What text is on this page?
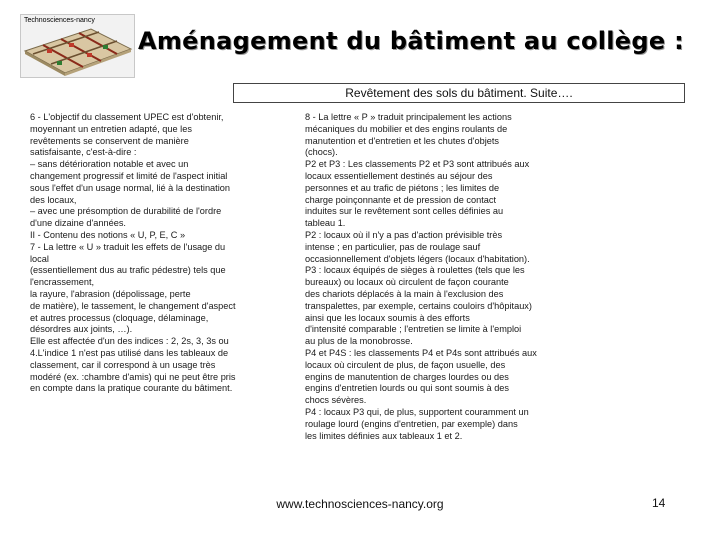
Technosciences-nancy
Aménagement du bâtiment au collège :
Revêtement des sols du bâtiment. Suite….
6 - L'objectif du classement UPEC est d'obtenir,
moyennant un entretien adapté, que les
revêtements se conservent de manière
satisfaisante, c'est-à-dire :
– sans détérioration notable et avec un
changement progressif et limité de l'aspect initial
sous l'effet d'un usage normal, lié à la destination
des locaux,
– avec une présomption de durabilité de l'ordre
d'une dizaine d'années.
II - Contenu des notions « U, P, E, C »
7 - La lettre « U » traduit les effets de l'usage du
local
(essentiellement dus au trafic pédestre) tels que
l'encrassement,
la rayure, l'abrasion (dépolissage, perte
de matière), le tassement, le changement d'aspect
et autres processus (cloquage, délaminage,
désordres aux joints, …).
Elle est affectée d'un des indices : 2, 2s, 3, 3s ou
4.L'indice 1 n'est pas utilisé dans les tableaux de
classement, car il correspond à un usage très
modéré (ex. :chambre d'amis) qui ne peut être pris
en compte dans la pratique courante du bâtiment.
8 - La lettre « P » traduit principalement les actions
mécaniques du mobilier et des engins roulants de
manutention et d'entretien et les chutes d'objets
(chocs).
P2 et P3 : Les classements P2 et P3 sont attribués aux
locaux essentiellement destinés au séjour des
personnes et au trafic de piétons ; les limites de
charge poinçonnante et de pression de contact
induites sur le revêtement sont celles définies au
tableau 1.
P2 : locaux où il n'y a pas d'action prévisible très
intense ; en particulier, pas de roulage sauf
occasionnellement d'objets légers (locaux d'habitation).
P3 : locaux équipés de sièges à roulettes (tels que les
bureaux) ou locaux où circulent de façon courante
des chariots déplacés à la main à l'exclusion des
transpalettes, par exemple, certains couloirs d'hôpitaux)
ainsi que les locaux soumis à des efforts
d'intensité comparable ; l'entretien se limite à l'emploi
au plus de la monobrosse.
P4 et P4S : les classements P4 et P4s sont attribués aux
locaux où circulent de plus, de façon usuelle, des
engins de manutention de charges lourdes ou des
engins d'entretien lourds ou qui sont soumis à des
chocs sévères.
P4 : locaux P3 qui, de plus, supportent couramment un
roulage lourd (engins d'entretien, par exemple) dans
les limites définies aux tableaux 1 et 2.
www.technosciences-nancy.org	14
